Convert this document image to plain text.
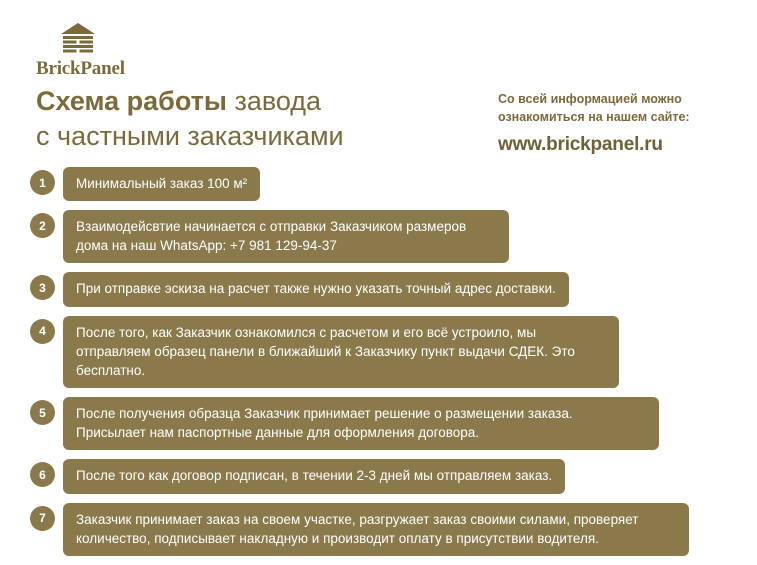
BrickPanel
Схема работы завода
с частными заказчиками
Со всей информацией можно
ознакомиться на нашем сайте:
www.brickpanel.ru
1	Минимальный заказ 100 м²
2	Взаимодейсвтие начинается с отправки Заказчиком размеров дома на наш WhatsApp: +7 981 129-94-37
3	При отправке эскиза на расчет также нужно указать точный адрес доставки.
4	После того, как Заказчик ознакомился с расчетом и его всё устроило, мы отправляем образец панели в ближайший к Заказчику пункт выдачи СДЕК. Это бесплатно.
5	После получения образца Заказчик принимает решение о размещении заказа. Присылает нам паспортные данные для оформления договора.
6	После того как договор подписан, в течении 2-3 дней мы отправляем заказ.
7	Заказчик принимает заказ на своем участке, разгружает заказ своими силами, проверяет количество, подписывает накладную и производит оплату в присутствии водителя.
